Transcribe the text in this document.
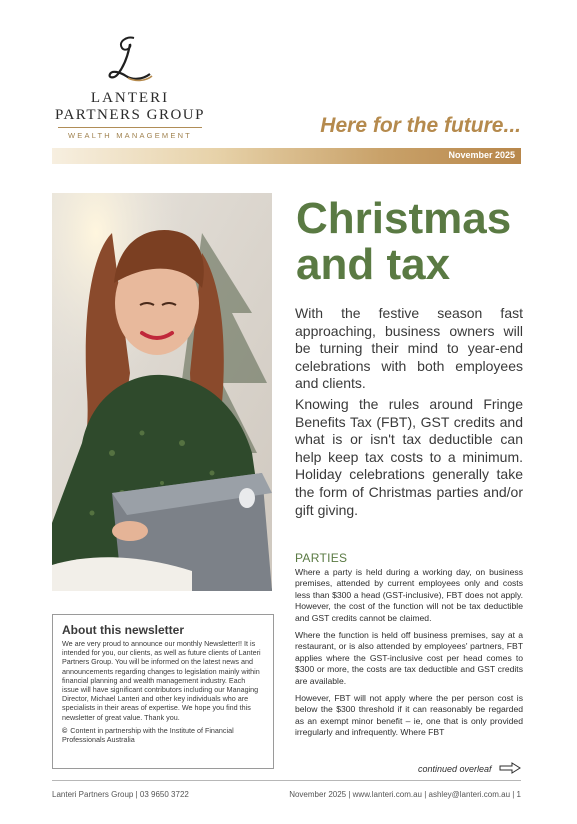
LANTERI
PARTNERS GROUP
WEALTH MANAGEMENT	Here for the future...
November 2025
Christmas and tax

With the festive season fast approaching, business owners will be turning their mind to year-end celebrations with both employees and clients.

Knowing the rules around Fringe Benefits Tax (FBT), GST credits and what is or isn't tax deductible can help keep tax costs to a minimum. Holiday celebrations generally take the form of Christmas parties and/or gift giving.

PARTIES

Where a party is held during a working day, on business premises, attended by current employees only and costs less than $300 a head (GST-inclusive), FBT does not apply. However, the cost of the function will not be tax deductible and GST credits cannot be claimed.

Where the function is held off business premises, say at a restaurant, or is also attended by employees' partners, FBT applies where the GST-inclusive cost per head comes to $300 or more, the costs are tax deductible and GST credits are available.

However, FBT will not apply where the per person cost is below the $300 threshold if it can reasonably be regarded as an exempt minor benefit – ie, one that is only provided irregularly and infrequently. Where FBT

continued overleaf
About this newsletter
We are very proud to announce our monthly Newsletter!! It is intended for you, our clients, as well as future clients of Lanteri Partners Group. You will be informed on the latest news and announcements regarding changes to legislation mainly within financial planning and wealth management industry. Each issue will have significant contributors including our Managing Director, Michael Lanteri and other key individuals who are specialists in their areas of expertise. We hope you find this newsletter of great value. Thank you.
© Content in partnership with the Institute of Financial Professionals Australia
Lanteri Partners Group | 03 9650 3722	November 2025 | www.lanteri.com.au | ashley@lanteri.com.au | 1
